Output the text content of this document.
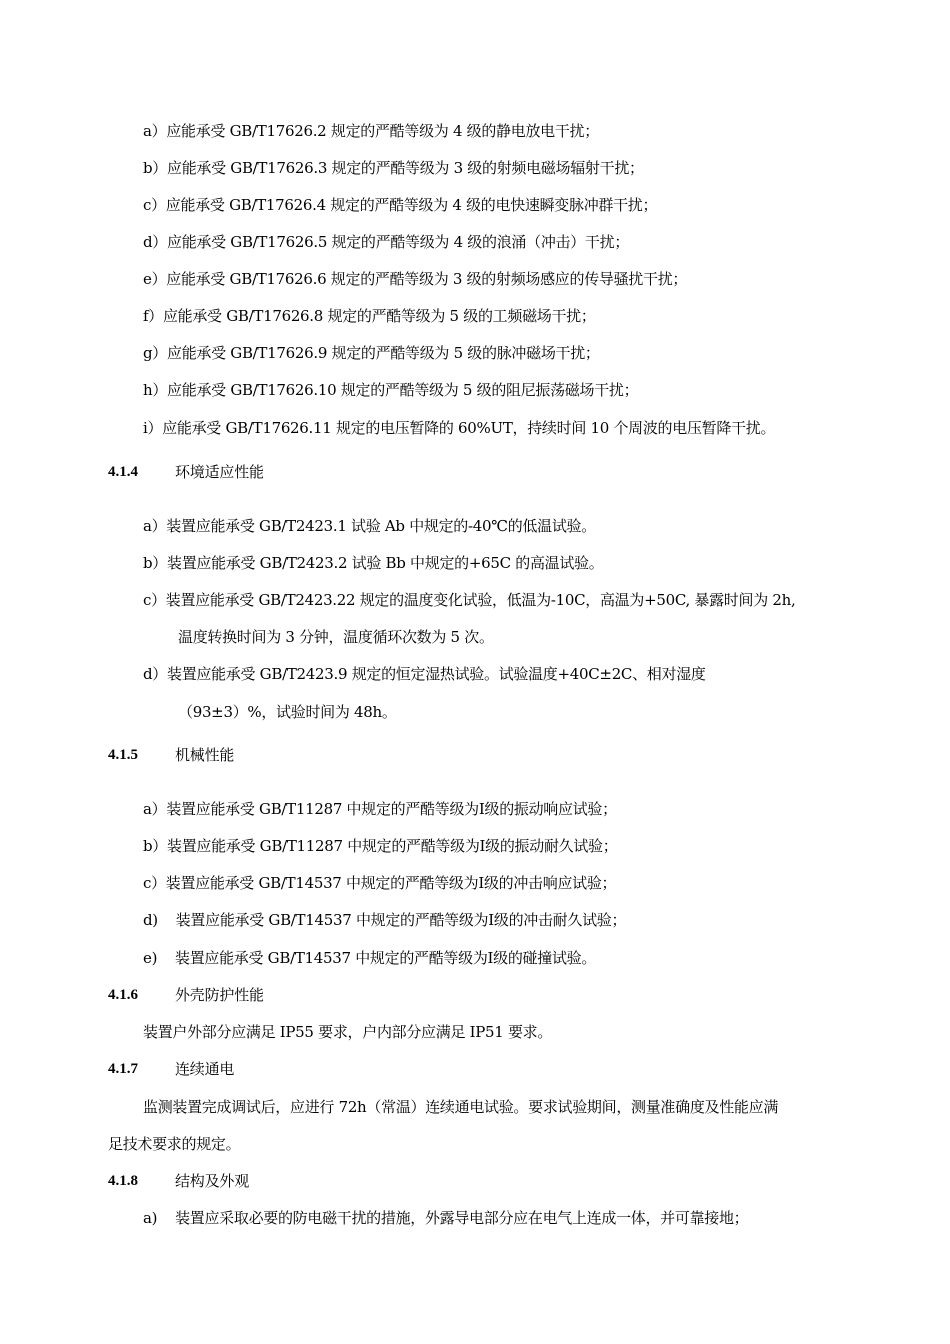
a）应能承受 GB/T17626.2 规定的严酷等级为 4 级的静电放电干扰；
b）应能承受 GB/T17626.3 规定的严酷等级为 3 级的射频电磁场辐射干扰；
c）应能承受 GB/T17626.4 规定的严酷等级为 4 级的电快速瞬变脉冲群干扰；
d）应能承受 GB/T17626.5 规定的严酷等级为 4 级的浪涌（冲击）干扰；
e）应能承受 GB/T17626.6 规定的严酷等级为 3 级的射频场感应的传导骚扰干扰；
f）应能承受 GB/T17626.8 规定的严酷等级为 5 级的工频磁场干扰；
g）应能承受 GB/T17626.9 规定的严酷等级为 5 级的脉冲磁场干扰；
h）应能承受 GB/T17626.10 规定的严酷等级为 5 级的阻尼振荡磁场干扰；
i）应能承受 GB/T17626.11 规定的电压暂降的 60%UT，持续时间 10 个周波的电压暂降干扰。
4.1.4 环境适应性能
a）装置应能承受 GB/T2423.1 试验 Ab 中规定的-40℃的低温试验。
b）装置应能承受 GB/T2423.2 试验 Bb 中规定的+65C 的高温试验。
c）装置应能承受 GB/T2423.22 规定的温度变化试验，低温为-10C，高温为+50C, 暴露时间为 2h,
温度转换时间为 3 分钟，温度循环次数为 5 次。
d）装置应能承受 GB/T2423.9 规定的恒定湿热试验。试验温度+40C±2C、相对湿度
（93±3）%，试验时间为 48h。
4.1.5 机械性能
a）装置应能承受 GB/T11287 中规定的严酷等级为Ⅰ级的振动响应试验；
b）装置应能承受 GB/T11287 中规定的严酷等级为Ⅰ级的振动耐久试验；
c）装置应能承受 GB/T14537 中规定的严酷等级为Ⅰ级的冲击响应试验；
d)    装置应能承受 GB/T14537 中规定的严酷等级为Ⅰ级的冲击耐久试验；
e)    装置应能承受 GB/T14537 中规定的严酷等级为Ⅰ级的碰撞试验。
4.1.6 外壳防护性能
装置户外部分应满足 IP55 要求，户内部分应满足 IP51 要求。
4.1.7 连续通电
监测装置完成调试后，应进行 72h（常温）连续通电试验。要求试验期间，测量准确度及性能应满
足技术要求的规定。
4.1.8 结构及外观
a)    装置应采取必要的防电磁干扰的措施，外露导电部分应在电气上连成一体，并可靠接地；
